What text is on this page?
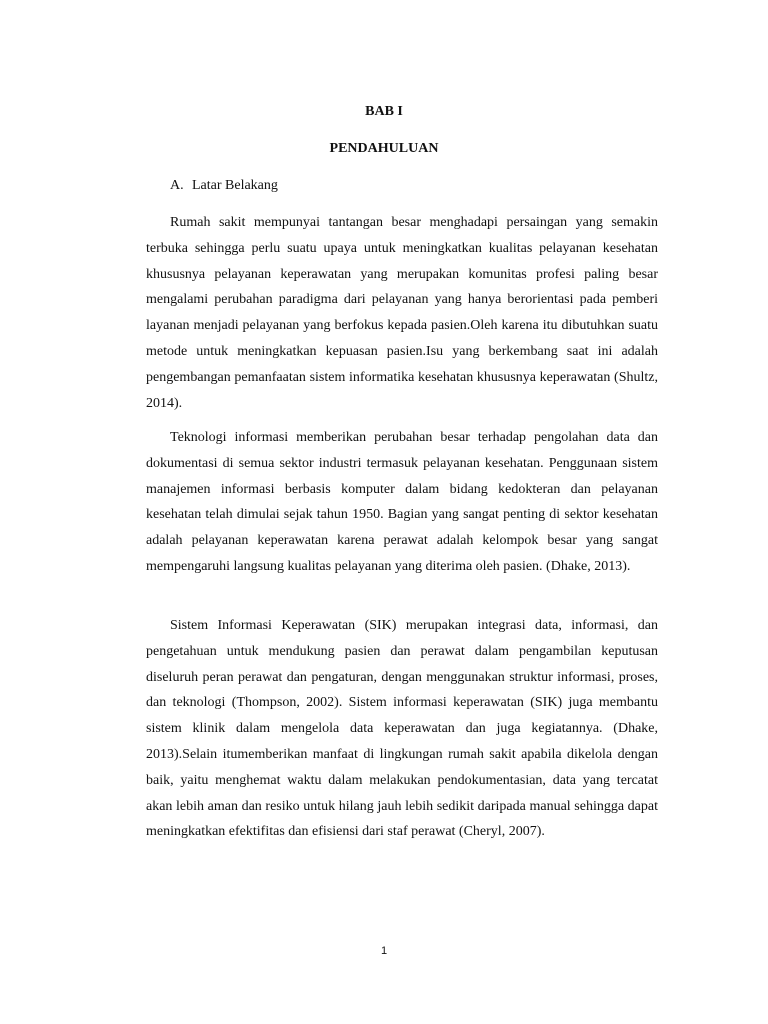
BAB I
PENDAHULUAN
A. Latar Belakang

Rumah sakit mempunyai tantangan besar menghadapi persaingan yang semakin terbuka sehingga perlu suatu upaya untuk meningkatkan kualitas pelayanan kesehatan khususnya pelayanan keperawatan yang merupakan komunitas profesi paling besar mengalami perubahan paradigma dari pelayanan yang hanya berorientasi pada pemberi layanan menjadi pelayanan yang berfokus kepada pasien.Oleh karena itu dibutuhkan suatu metode untuk meningkatkan kepuasan pasien.Isu yang berkembang saat ini adalah pengembangan pemanfaatan sistem informatika kesehatan khususnya keperawatan (Shultz, 2014).

Teknologi informasi memberikan perubahan besar terhadap pengolahan data dan dokumentasi di semua sektor industri termasuk pelayanan kesehatan. Penggunaan sistem manajemen informasi berbasis komputer dalam bidang kedokteran dan pelayanan kesehatan telah dimulai sejak tahun 1950. Bagian yang sangat penting di sektor kesehatan adalah pelayanan keperawatan karena perawat adalah kelompok besar yang sangat mempengaruhi langsung kualitas pelayanan yang diterima oleh pasien. (Dhake, 2013).

Sistem Informasi Keperawatan (SIK) merupakan integrasi data, informasi, dan pengetahuan untuk mendukung pasien dan perawat dalam pengambilan keputusan diseluruh peran perawat dan pengaturan, dengan menggunakan struktur informasi, proses, dan teknologi (Thompson, 2002). Sistem informasi keperawatan (SIK) juga membantu sistem klinik dalam mengelola data keperawatan dan juga kegiatannya. (Dhake, 2013).Selain itumemberikan manfaat di lingkungan rumah sakit apabila dikelola dengan baik, yaitu menghemat waktu dalam melakukan pendokumentasian, data yang tercatat akan lebih aman dan resiko untuk hilang jauh lebih sedikit daripada manual sehingga dapat meningkatkan efektifitas dan efisiensi dari staf perawat (Cheryl, 2007).

1
